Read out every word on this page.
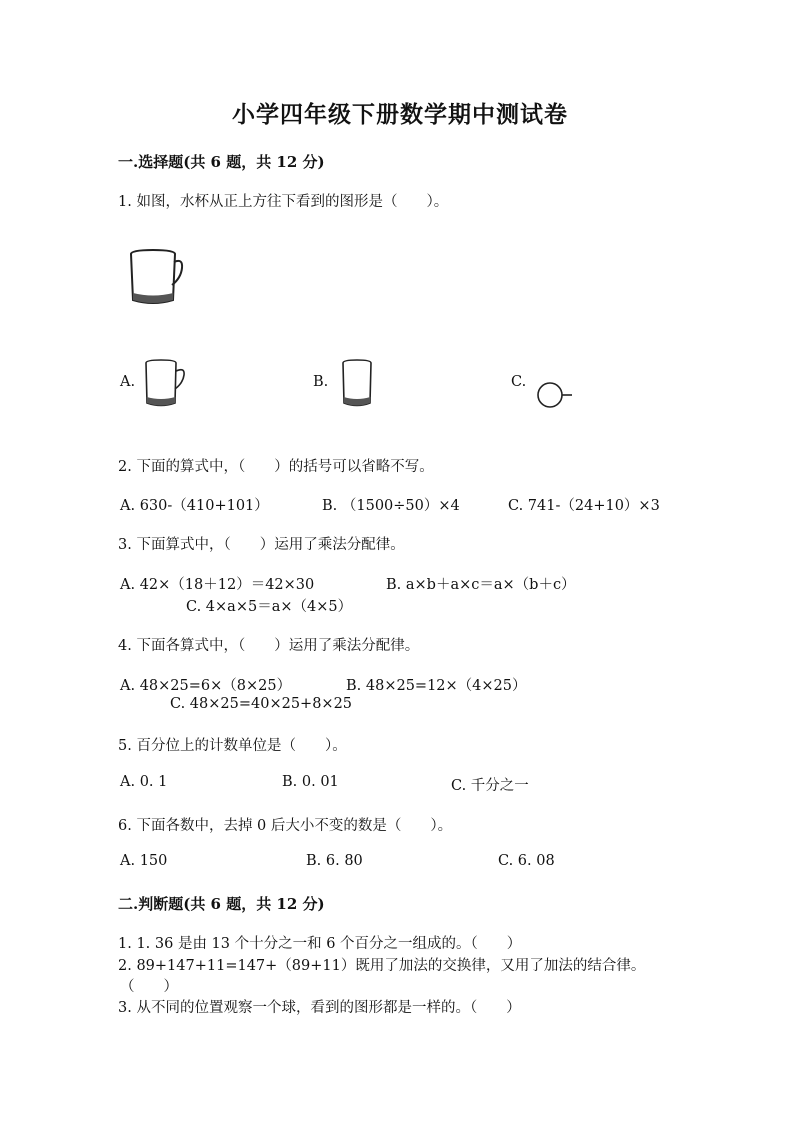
小学四年级下册数学期中测试卷
一.选择题(共 6 题，共 12 分)
1. 如图，水杯从正上方往下看到的图形是（　　）。
A.	B.	C.
2. 下面的算式中，（　　）的括号可以省略不写。
A. 630-（410+101）	B. （1500÷50）×4	C. 741-（24+10）×3
3. 下面算式中，（　　）运用了乘法分配律。
A. 42×（18＋12）＝42×30	B. a×b＋a×c＝a×（b＋c）
C. 4×a×5＝a×（4×5）
4. 下面各算式中，（　　）运用了乘法分配律。
A. 48×25=6×（8×25）	B. 48×25=12×（4×25）
C. 48×25=40×25+8×25
5. 百分位上的计数单位是（　　）。
A. 0. 1	B. 0. 01	C. 千分之一
6. 下面各数中，去掉 0 后大小不变的数是（　　）。
A. 150	B. 6. 80	C. 6. 08
二.判断题(共 6 题，共 12 分)
1. 1. 36 是由 13 个十分之一和 6 个百分之一组成的。（　　）
2. 89+147+11=147+（89+11）既用了加法的交换律，又用了加法的结合律。
（　　）
3. 从不同的位置观察一个球，看到的图形都是一样的。（　　）
